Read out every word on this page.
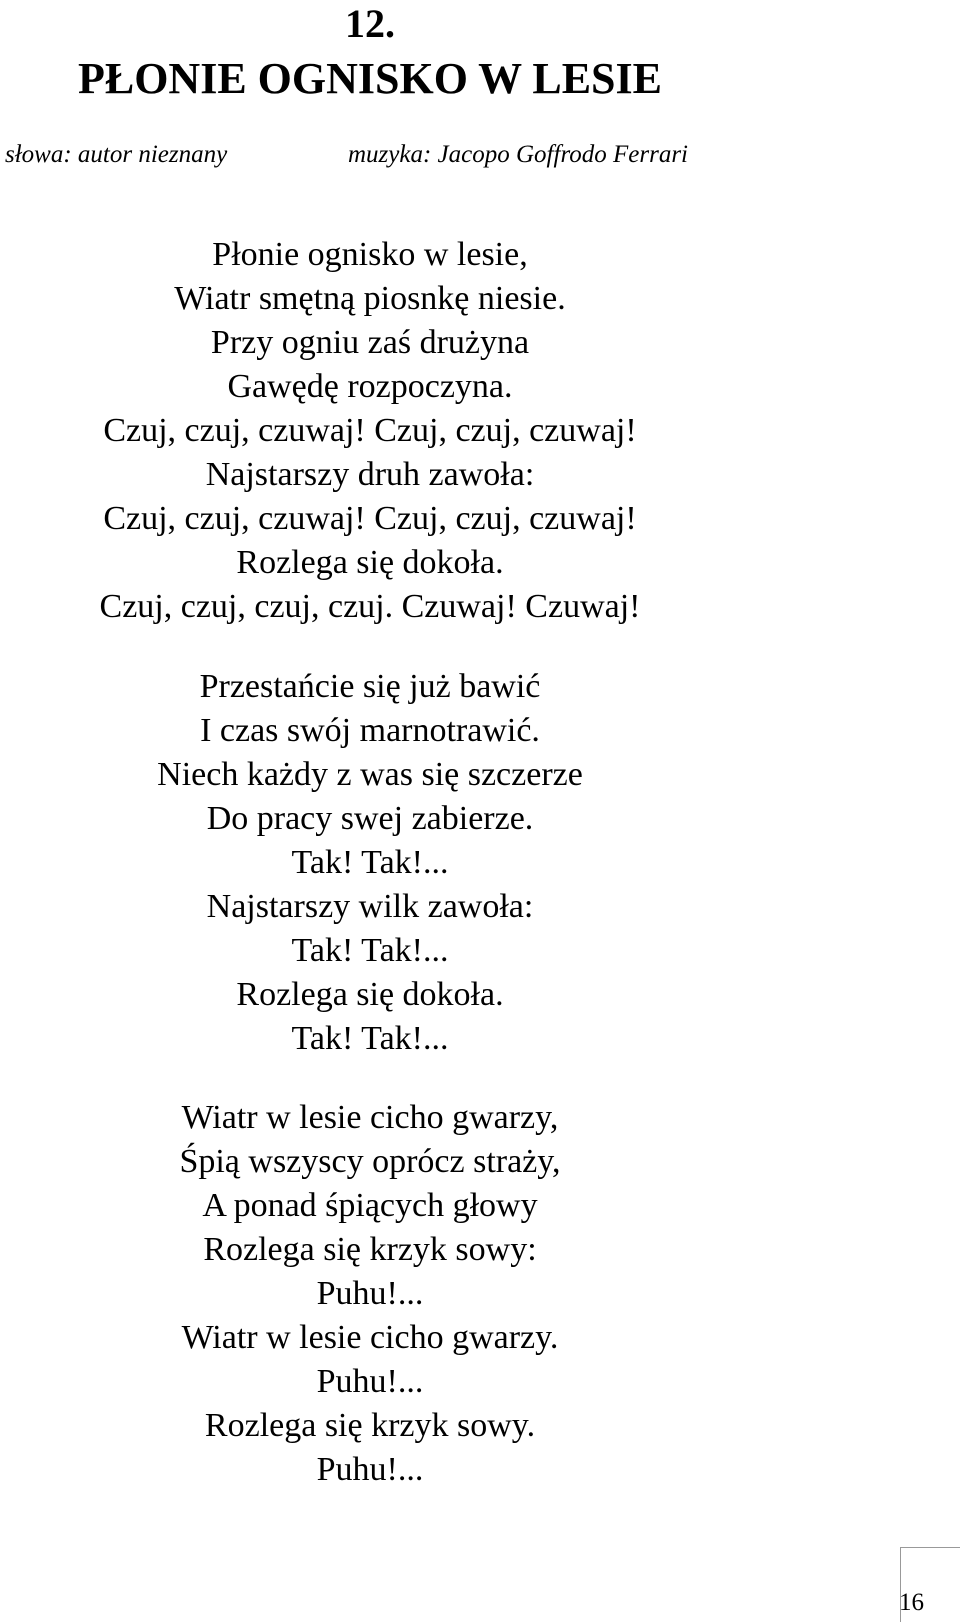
12.
PŁONIE OGNISKO W LESIE
słowa: autor nieznany	muzyka: Jacopo Goffrodo Ferrari
Płonie ognisko w lesie,
Wiatr smętną piosnkę niesie.
Przy ogniu zaś drużyna
Gawędę rozpoczyna.
Czuj, czuj, czuwaj! Czuj, czuj, czuwaj!
Najstarszy druh zawoła:
Czuj, czuj, czuwaj! Czuj, czuj, czuwaj!
Rozlega się dokoła.
Czuj, czuj, czuj, czuj. Czuwaj! Czuwaj!
Przestańcie się już bawić
I czas swój marnotrawić.
Niech każdy z was się szczerze
Do pracy swej zabierze.
Tak! Tak!...
Najstarszy wilk zawoła:
Tak! Tak!...
Rozlega się dokoła.
Tak! Tak!...
Wiatr w lesie cicho gwarzy,
Śpią wszyscy oprócz straży,
A ponad śpiących głowy
Rozlega się krzyk sowy:
Puhu!...
Wiatr w lesie cicho gwarzy.
Puhu!...
Rozlega się krzyk sowy.
Puhu!...
16
